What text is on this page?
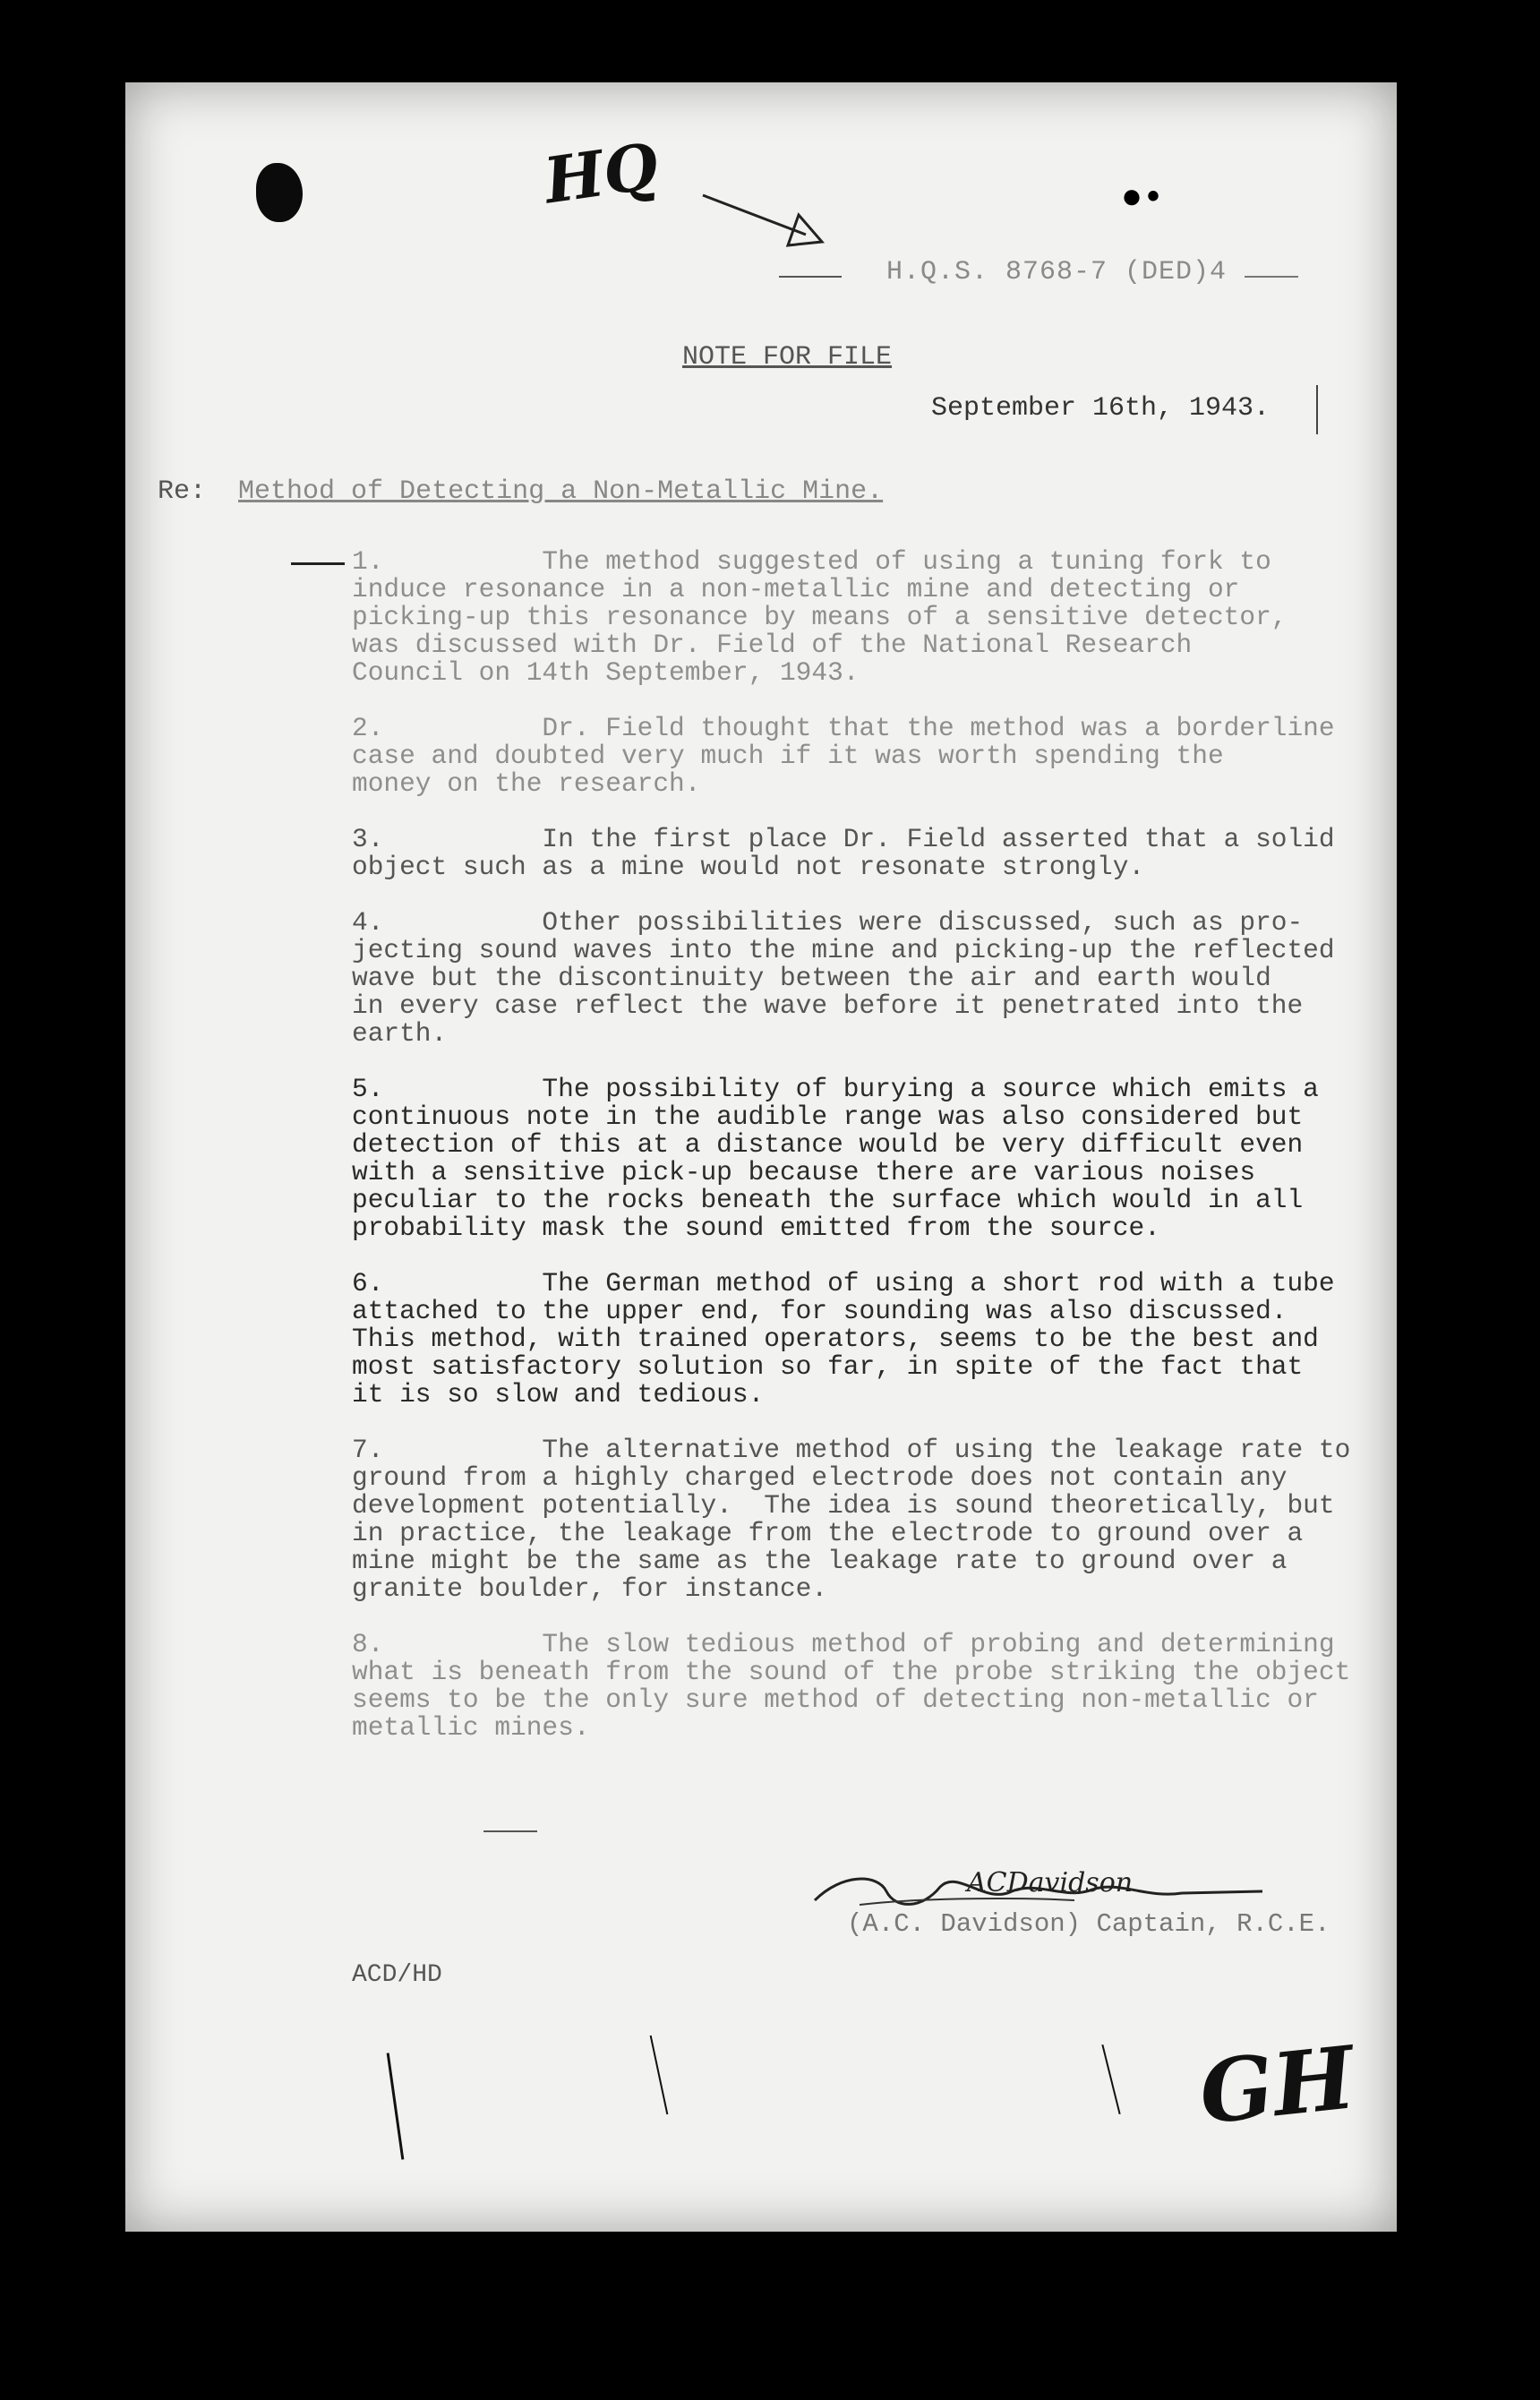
HQ	●•
H.Q.S. 8768-7 (DED)4
NOTE FOR FILE
September 16th, 1943.
Re: Method of Detecting a Non-Metallic Mine.

1.          The method suggested of using a tuning fork to
induce resonance in a non-metallic mine and detecting or
picking-up this resonance by means of a sensitive detector,
was discussed with Dr. Field of the National Research
Council on 14th September, 1943.

2.          Dr. Field thought that the method was a borderline
case and doubted very much if it was worth spending the
money on the research.

3.          In the first place Dr. Field asserted that a solid
object such as a mine would not resonate strongly.

4.          Other possibilities were discussed, such as pro-
jecting sound waves into the mine and picking-up the reflected
wave but the discontinuity between the air and earth would
in every case reflect the wave before it penetrated into the
earth.

5.          The possibility of burying a source which emits a
continuous note in the audible range was also considered but
detection of this at a distance would be very difficult even
with a sensitive pick-up because there are various noises
peculiar to the rocks beneath the surface which would in all
probability mask the sound emitted from the source.

6.          The German method of using a short rod with a tube
attached to the upper end, for sounding was also discussed.
This method, with trained operators, seems to be the best and
most satisfactory solution so far, in spite of the fact that
it is so slow and tedious.

7.          The alternative method of using the leakage rate to
ground from a highly charged electrode does not contain any
development potentially.  The idea is sound theoretically, but
in practice, the leakage from the electrode to ground over a
mine might be the same as the leakage rate to ground over a
granite boulder, for instance.

8.          The slow tedious method of probing and determining
what is beneath from the sound of the probe striking the object
seems to be the only sure method of detecting non-metallic or
metallic mines.

ACDavidson
(A.C. Davidson) Captain, R.C.E.
ACD/HD
GH
